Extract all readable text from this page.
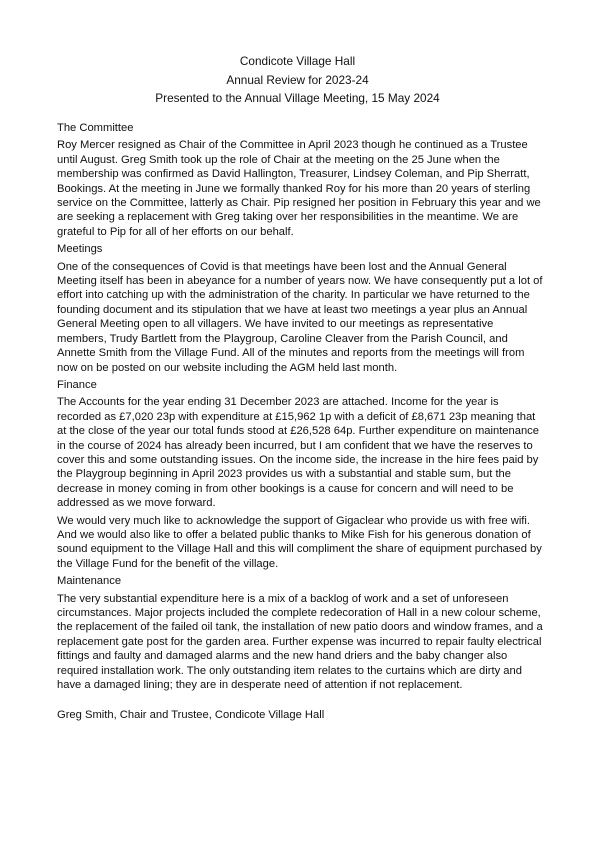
Condicote Village Hall
Annual Review for 2023-24
Presented to the Annual Village Meeting, 15 May 2024
The Committee

Roy Mercer resigned as Chair of the Committee in April 2023 though he continued as a Trustee until August. Greg Smith took up the role of Chair at the meeting on the 25 June when the membership was confirmed as David Hallington, Treasurer, Lindsey Coleman, and Pip Sherratt, Bookings. At the meeting in June we formally thanked Roy for his more than 20 years of sterling service on the Committee, latterly as Chair. Pip resigned her position in February this year and we are seeking a replacement with Greg taking over her responsibilities in the meantime. We are grateful to Pip for all of her efforts on our behalf.

Meetings

One of the consequences of Covid is that meetings have been lost and the Annual General Meeting itself has been in abeyance for a number of years now. We have consequently put a lot of effort into catching up with the administration of the charity. In particular we have returned to the founding document and its stipulation that we have at least two meetings a year plus an Annual General Meeting open to all villagers. We have invited to our meetings as representative members, Trudy Bartlett from the Playgroup, Caroline Cleaver from the Parish Council, and Annette Smith from the Village Fund. All of the minutes and reports from the meetings will from now on be posted on our website including the AGM held last month.

Finance

The Accounts for the year ending 31 December 2023 are attached. Income for the year is recorded as £7,020 23p with expenditure at £15,962 1p with a deficit of £8,671 23p meaning that at the close of the year our total funds stood at £26,528 64p. Further expenditure on maintenance in the course of 2024 has already been incurred, but I am confident that we have the reserves to cover this and some outstanding issues. On the income side, the increase in the hire fees paid by the Playgroup beginning in April 2023 provides us with a substantial and stable sum, but the decrease in money coming in from other bookings is a cause for concern and will need to be addressed as we move forward.

We would very much like to acknowledge the support of Gigaclear who provide us with free wifi. And we would also like to offer a belated public thanks to Mike Fish for his generous donation of sound equipment to the Village Hall and this will compliment the share of equipment purchased by the Village Fund for the benefit of the village.

Maintenance

The very substantial expenditure here is a mix of a backlog of work and a set of unforeseen circumstances. Major projects included the complete redecoration of Hall in a new colour scheme, the replacement of the failed oil tank, the installation of new patio doors and window frames, and a replacement gate post for the garden area. Further expense was incurred to repair faulty electrical fittings and faulty and damaged alarms and the new hand driers and the baby changer also required installation work. The only outstanding item relates to the curtains which are dirty and have a damaged lining; they are in desperate need of attention if not replacement.

Greg Smith, Chair and Trustee, Condicote Village Hall
